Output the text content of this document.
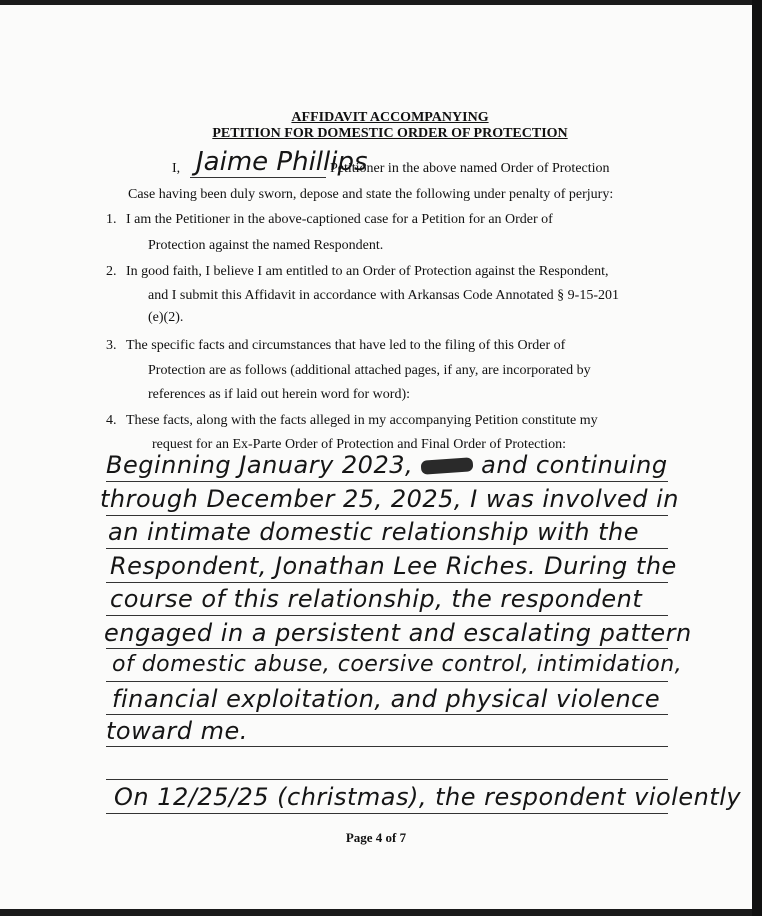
AFFIDAVIT ACCOMPANYING
PETITION FOR DOMESTIC ORDER OF PROTECTION
I, Jaime Phillips
Petitioner in the above named Order of Protection
Case having been duly sworn, depose and state the following under penalty of perjury:
1. I am the Petitioner in the above-captioned case for a Petition for an Order of
Protection against the named Respondent.
2. In good faith, I believe I am entitled to an Order of Protection against the Respondent,
and I submit this Affidavit in accordance with Arkansas Code Annotated § 9-15-201
(e)(2).
3. The specific facts and circumstances that have led to the filing of this Order of
Protection are as follows (additional attached pages, if any, are incorporated by
references as if laid out herein word for word):
4. These facts, along with the facts alleged in my accompanying Petition constitute my
request for an Ex-Parte Order of Protection and Final Order of Protection:
Beginning January 2023,	and continuing
through December 25, 2025, I was involved in
an intimate domestic relationship with the
Respondent, Jonathan Lee Riches. During the
course of this relationship, the respondent
engaged in a persistent and escalating pattern
of domestic abuse, coersive control, intimidation,
financial exploitation, and physical violence
toward me.
On 12/25/25 (christmas), the respondent violently
Page 4 of 7
